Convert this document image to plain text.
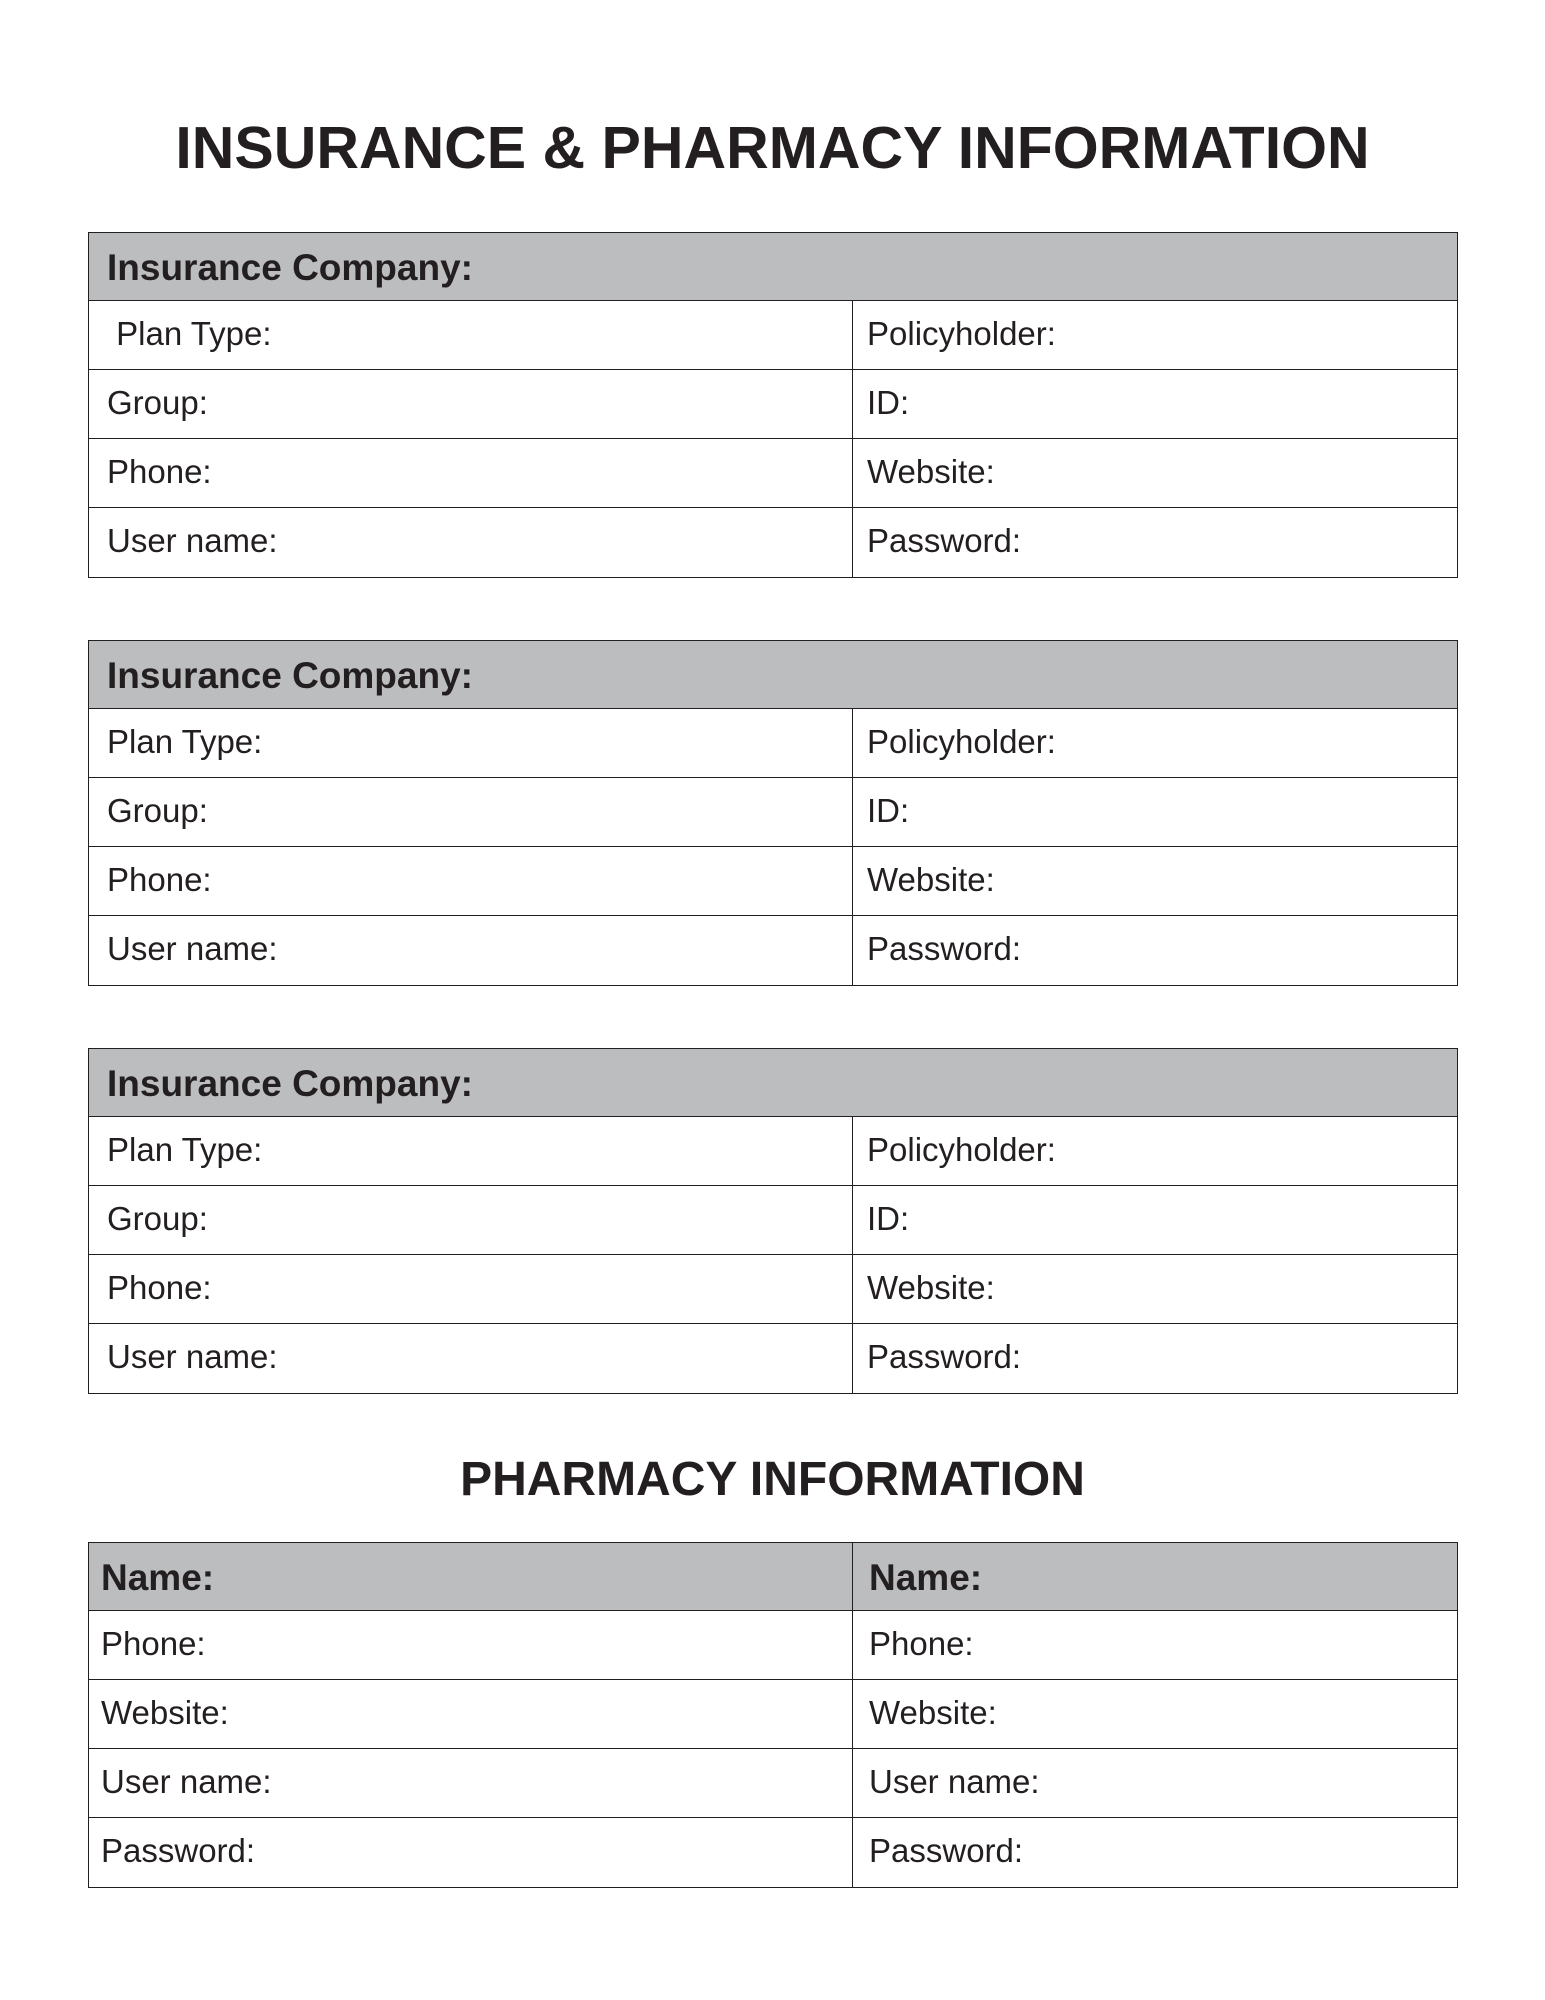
INSURANCE & PHARMACY INFORMATION
Insurance Company:
Plan Type:	Policyholder:
Group:	ID:
Phone:	Website:
User name:	Password:
Insurance Company:
Plan Type:	Policyholder:
Group:	ID:
Phone:	Website:
User name:	Password:
Insurance Company:
Plan Type:	Policyholder:
Group:	ID:
Phone:	Website:
User name:	Password:
PHARMACY INFORMATION
Name:	Name:
Phone:	Phone:
Website:	Website:
User name:	User name:
Password:	Password:
